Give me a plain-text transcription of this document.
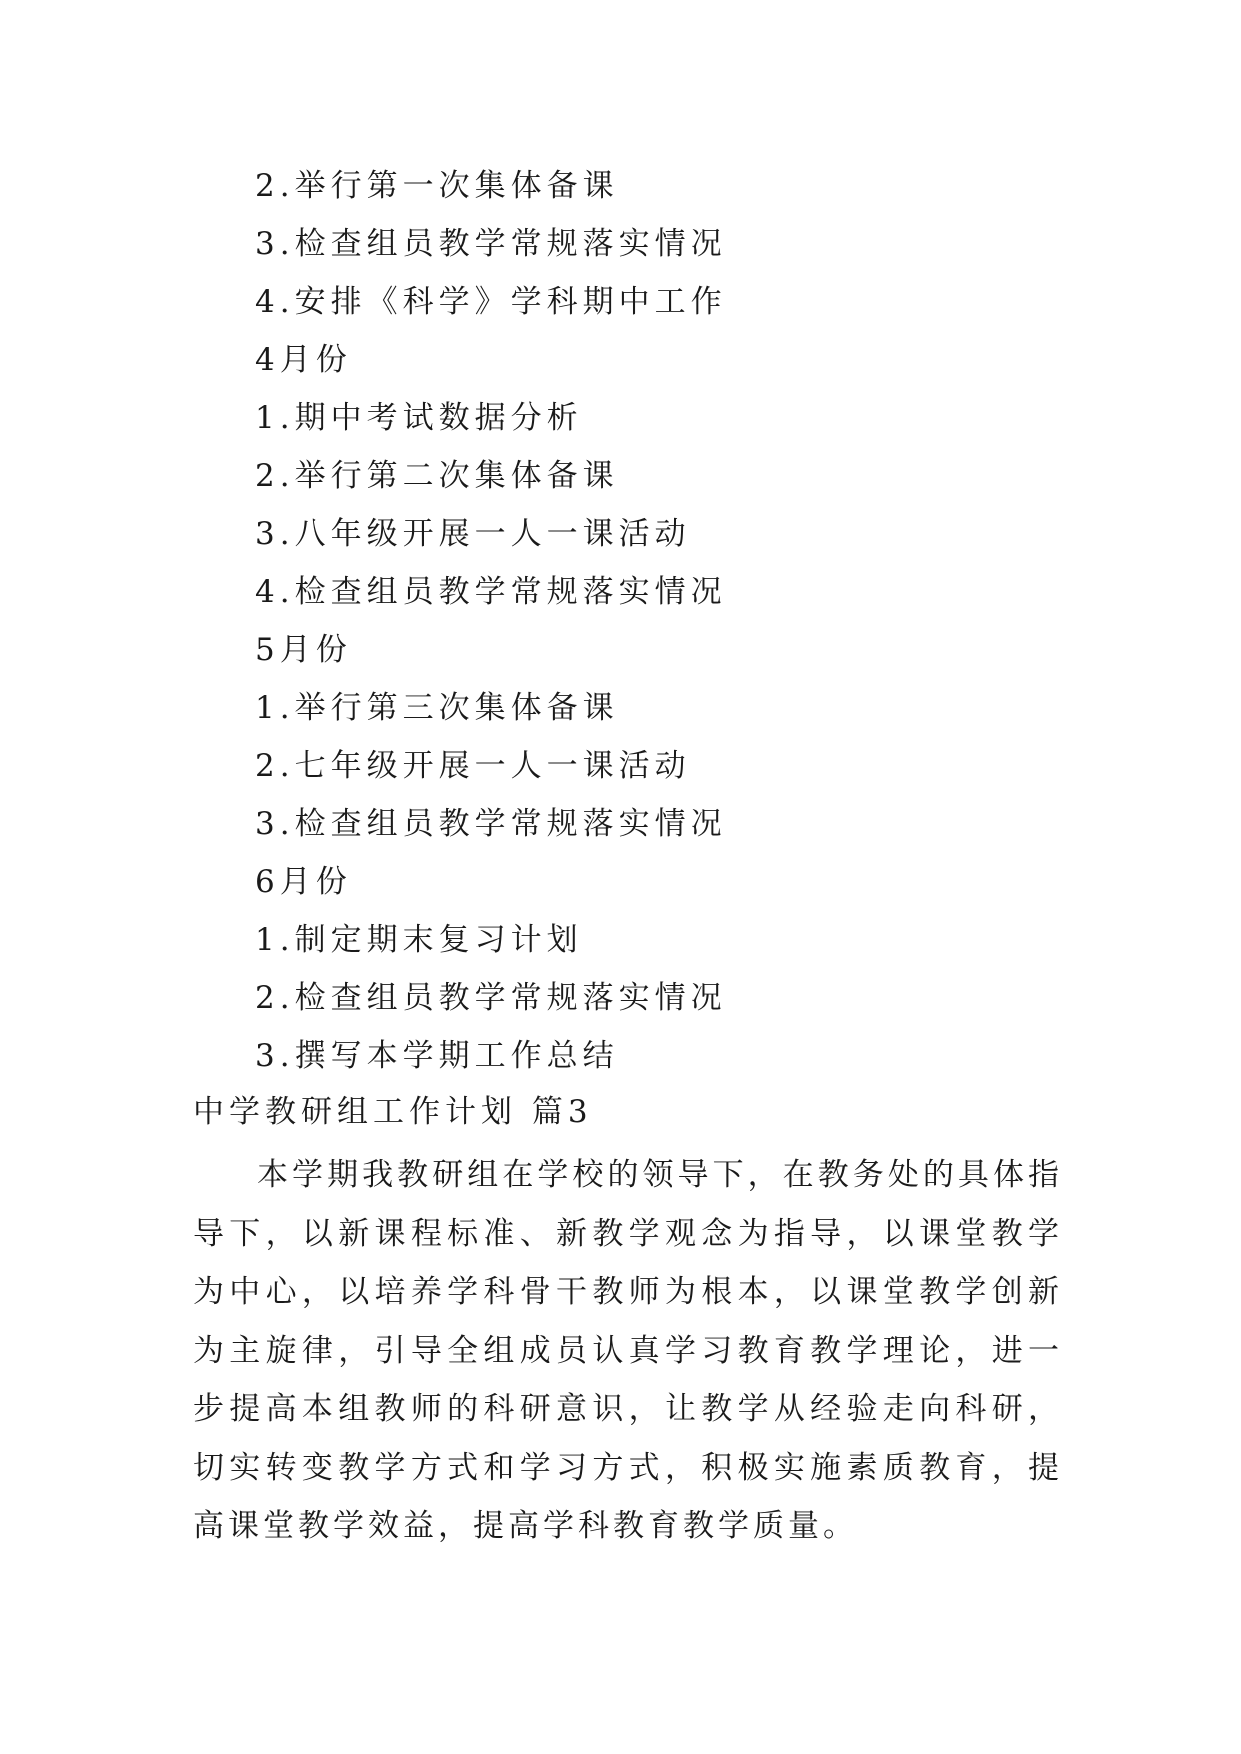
2.举行第一次集体备课
3.检查组员教学常规落实情况
4.安排《科学》学科期中工作
4月份
1.期中考试数据分析
2.举行第二次集体备课
3.八年级开展一人一课活动
4.检查组员教学常规落实情况
5月份
1.举行第三次集体备课
2.七年级开展一人一课活动
3.检查组员教学常规落实情况
6月份
1.制定期末复习计划
2.检查组员教学常规落实情况
3.撰写本学期工作总结
中学教研组工作计划 篇3
本学期我教研组在学校的领导下，在教务处的具体指导下，以新课程标准、新教学观念为指导，以课堂教学为中心，以培养学科骨干教师为根本，以课堂教学创新为主旋律，引导全组成员认真学习教育教学理论，进一步提高本组教师的科研意识，让教学从经验走向科研，切实转变教学方式和学习方式，积极实施素质教育，提高课堂教学效益，提高学科教育教学质量。
